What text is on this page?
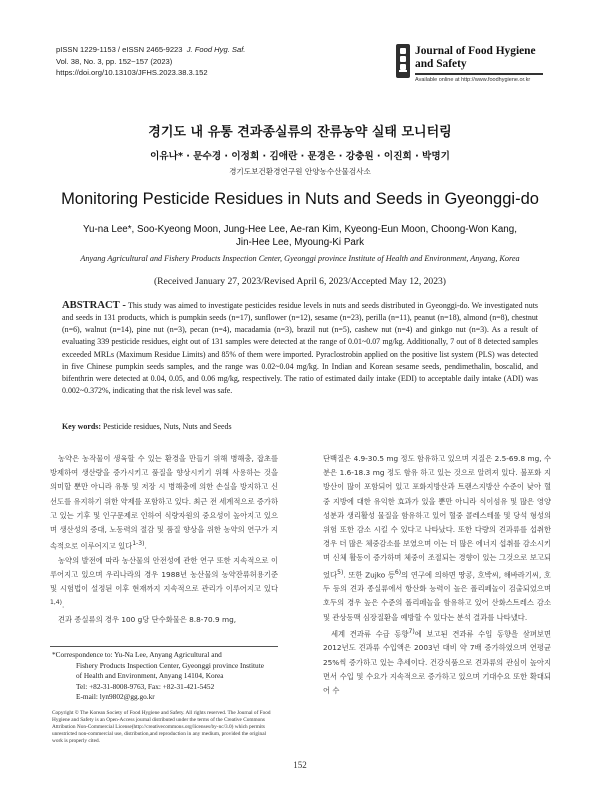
pISSN 1229-1153 / eISSN 2465-9223 J. Food Hyg. Saf.
Vol. 38, No. 3, pp. 152~157 (2023)
https://doi.org/10.13103/JFHS.2023.38.3.152
Journal of Food Hygiene
and Safety
Available online at http://www.foodhygiene.or.kr
경기도 내 유통 견과종실류의 잔류농약 실태 모니터링
이유나* · 문수경 · 이정희 · 김애란 · 문경은 · 강충원 · 이진희 · 박명기
경기도보건환경연구원 안양농수산물검사소
Monitoring Pesticide Residues in Nuts and Seeds in Gyeonggi-do
Yu-na Lee*, Soo-Kyeong Moon, Jung-Hee Lee, Ae-ran Kim, Kyeong-Eun Moon, Choong-Won Kang,
Jin-Hee Lee, Myoung-Ki Park
Anyang Agricultural and Fishery Products Inspection Center, Gyeonggi province Institute of Health and Environment, Anyang, Korea
(Received January 27, 2023/Revised April 6, 2023/Accepted May 12, 2023)
ABSTRACT - This study was aimed to investigate pesticides residue levels in nuts and seeds distributed in Gyeonggi-do. We investigated nuts and seeds in 131 products, which is pumpkin seeds (n=17), sunflower (n=12), sesame (n=23), perilla (n=11), peanut (n=18), almond (n=8), chestnut (n=6), walnut (n=14), pine nut (n=3), pecan (n=4), macadamia (n=3), brazil nut (n=5), cashew nut (n=4) and ginkgo nut (n=3). As a result of evaluating 339 pesticide residues, eight out of 131 samples were detected at the range of 0.01~0.07 mg/kg. Additionally, 7 out of 8 detected samples exceeded MRLs (Maximum Residue Limits) and 85% of them were imported. Pyraclostrobin applied on the positive list system (PLS) was detected in five Chinese pumpkin seeds samples, and the range was 0.02~0.04 mg/kg. In Indian and Korean sesame seeds, pendimethalin, boscalid, and bifenthrin were detected at 0.04, 0.05, and 0.06 mg/kg, respectively. The ratio of estimated daily intake (EDI) to acceptable daily intake (ADI) was 0.002~0.372%, indicating that the risk level was safe.
Key words: Pesticide residues, Nuts, Nuts and Seeds

농약은 농작물이 생육할 수 있는 환경을 만들기 위해 병해충, 잡초를 방제하여 생산량을 증가시키고 품질을 향상시키기 위해 사용하는 것을 의미할 뿐만 아니라 유통 및 저장 시 병해충에 의한 손실을 방지하고 신선도를 유지하기 위한 약제를 포함하고 있다. 최근 전 세계적으로 증가하고 있는 기후 및 인구문제로 인하여 식량자원의 중요성이 높아지고 있으며 생산성의 증대, 노동력의 절감 및 품질 향상을 위한 농약의 연구가 지속적으로 이루어지고 있다$^{1-3)}$.

농약의 발전에 따라 농산물의 안전성에 관한 연구 또한 지속적으로 이루어지고 있으며 우리나라의 경우 1988년 농산물의 농약잔류허용기준 및 시험법이 설정된 이후 현재까지 지속적으로 관리가 이루어지고 있다$^{1,4)}$.

견과 종실류의 경우 100 g당 단수화물은 8.8-70.9 mg,

단백질은 4.9-30.5 mg 정도 함유하고 있으며 지질은 2.5-69.8 mg, 수분은 1.6-18.3 mg 정도 함유 하고 있는 것으로 알려져 있다. 불포화 지방산이 많이 포함되어 있고 포화지방산과 트랜스지방산 수준이 낮아 혈중 지방에 대한 유익한 효과가 있을 뿐만 아니라 식이섬유 및 많은 영양성분과 생리활성 물질을 함유하고 있어 혈중 콜레스테롤 및 당석 형성의 위험 또한 감소 시킬 수 있다고 나타났다. 또한 다량의 견과류를 섭취한 경우 더 많은 체중감소를 보였으며 이는 더 많은 에너지 섭취를 감소시키며 신체 활동이 증가하며 체중이 조절되는 경향이 있는 그것으로 보고되었다$^{5)}$. 또한 Zujko 등$^{6)}$의 연구에 의하면 땅콩, 호박씨, 해바라기씨, 호두 등의 견과 종실류에서 항산화 능력이 높은 폴리페놀이 검출되었으며 호두의 경우 높은 수준의 폴리페놀을 함유하고 있어 산화스트레스 감소 및 관상동맥 심장질환을 예방할 수 있다는 분석 결과를 나타냈다.

세계 견과류 수급 동향$^{7)}$에 보고된 견과류 수입 동향을 살펴보면 2012년도 견과류 수입액은 2003년 대비 약 7배 증가하였으며 연평균 25%씩 증가하고 있는 추세이다. 건강식품으로 견과류의 관심이 높아지면서 수입 및 수요가 지속적으로 증가하고 있으며 기대수요 또한 확대되어 수

*Correspondence to: Yu-Na Lee, Anyang Agricultural and
Fishery Products Inspection Center, Gyeonggi province Institute
of Health and Environment, Anyang 14104, Korea
Tel: +82-31-8008-9763, Fax: +82-31-421-5452
E-mail: lyn9802@gg.go.kr
Copyright © The Korean Society of Food Hygiene and Safety. All rights reserved. The Journal of Food Hygiene and Safety is an Open-Access journal distributed under the terms of the Creative Commons Attribution Non-Commercial License(http://creativecommons.org/licenses/by-nc/3.0) which permits unrestricted non-commercial use, distribution,and reproduction in any medium, provided the original work is properly cited.
152
